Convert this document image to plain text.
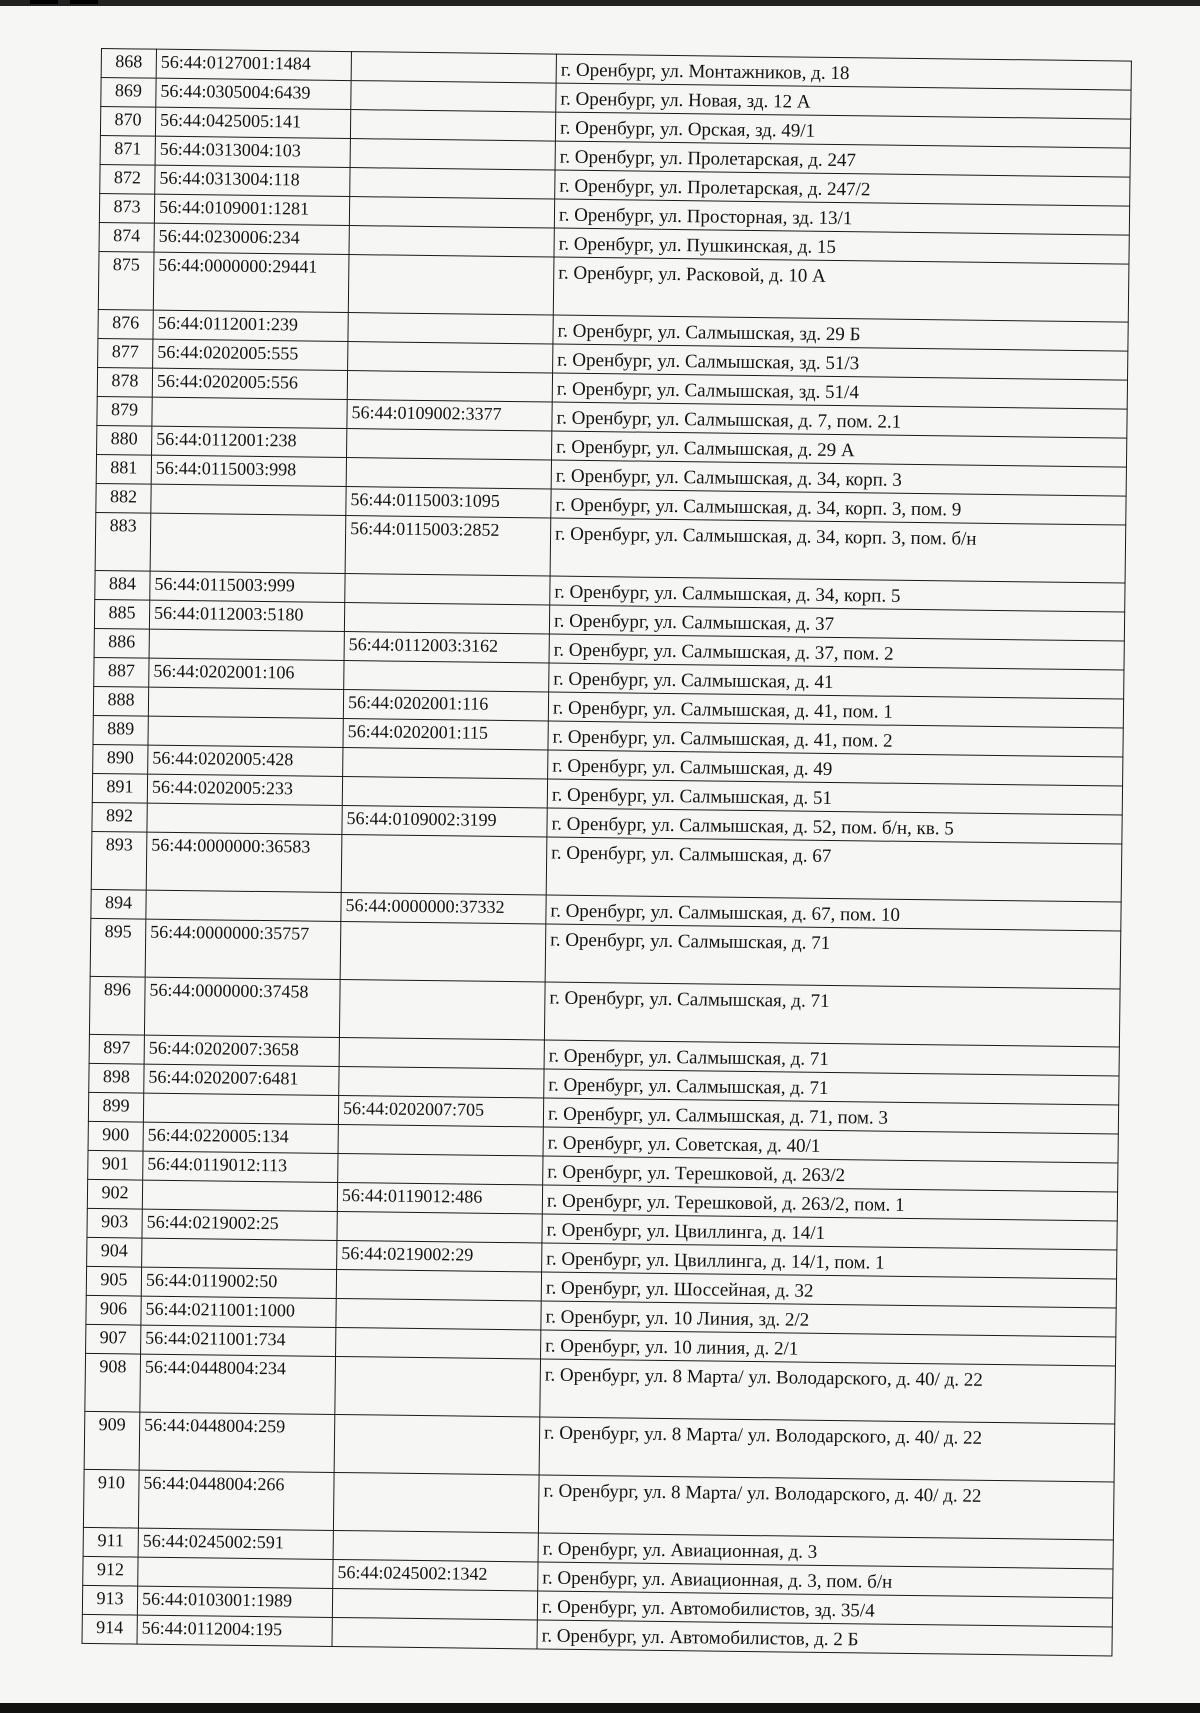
868	56:44:0127001:1484		г. Оренбург, ул. Монтажников, д. 18
869	56:44:0305004:6439		г. Оренбург, ул. Новая, зд. 12 А
870	56:44:0425005:141		г. Оренбург, ул. Орская, зд. 49/1
871	56:44:0313004:103		г. Оренбург, ул. Пролетарская, д. 247
872	56:44:0313004:118		г. Оренбург, ул. Пролетарская, д. 247/2
873	56:44:0109001:1281		г. Оренбург, ул. Просторная, зд. 13/1
874	56:44:0230006:234		г. Оренбург, ул. Пушкинская, д. 15
875	56:44:0000000:29441		г. Оренбург, ул. Расковой, д. 10 А
876	56:44:0112001:239		г. Оренбург, ул. Салмышская, зд. 29 Б
877	56:44:0202005:555		г. Оренбург, ул. Салмышская, зд. 51/3
878	56:44:0202005:556		г. Оренбург, ул. Салмышская, зд. 51/4
879		56:44:0109002:3377	г. Оренбург, ул. Салмышская, д. 7, пом. 2.1
880	56:44:0112001:238		г. Оренбург, ул. Салмышская, д. 29 А
881	56:44:0115003:998		г. Оренбург, ул. Салмышская, д. 34, корп. 3
882		56:44:0115003:1095	г. Оренбург, ул. Салмышская, д. 34, корп. 3, пом. 9
883		56:44:0115003:2852	г. Оренбург, ул. Салмышская, д. 34, корп. 3, пом. б/н
884	56:44:0115003:999		г. Оренбург, ул. Салмышская, д. 34, корп. 5
885	56:44:0112003:5180		г. Оренбург, ул. Салмышская, д. 37
886		56:44:0112003:3162	г. Оренбург, ул. Салмышская, д. 37, пом. 2
887	56:44:0202001:106		г. Оренбург, ул. Салмышская, д. 41
888		56:44:0202001:116	г. Оренбург, ул. Салмышская, д. 41, пом. 1
889		56:44:0202001:115	г. Оренбург, ул. Салмышская, д. 41, пом. 2
890	56:44:0202005:428		г. Оренбург, ул. Салмышская, д. 49
891	56:44:0202005:233		г. Оренбург, ул. Салмышская, д. 51
892		56:44:0109002:3199	г. Оренбург, ул. Салмышская, д. 52, пом. б/н, кв. 5
893	56:44:0000000:36583		г. Оренбург, ул. Салмышская, д. 67
894		56:44:0000000:37332	г. Оренбург, ул. Салмышская, д. 67, пом. 10
895	56:44:0000000:35757		г. Оренбург, ул. Салмышская, д. 71
896	56:44:0000000:37458		г. Оренбург, ул. Салмышская, д. 71
897	56:44:0202007:3658		г. Оренбург, ул. Салмышская, д. 71
898	56:44:0202007:6481		г. Оренбург, ул. Салмышская, д. 71
899		56:44:0202007:705	г. Оренбург, ул. Салмышская, д. 71, пом. 3
900	56:44:0220005:134		г. Оренбург, ул. Советская, д. 40/1
901	56:44:0119012:113		г. Оренбург, ул. Терешковой, д. 263/2
902		56:44:0119012:486	г. Оренбург, ул. Терешковой, д. 263/2, пом. 1
903	56:44:0219002:25		г. Оренбург, ул. Цвиллинга, д. 14/1
904		56:44:0219002:29	г. Оренбург, ул. Цвиллинга, д. 14/1, пом. 1
905	56:44:0119002:50		г. Оренбург, ул. Шоссейная, д. 32
906	56:44:0211001:1000		г. Оренбург, ул. 10 Линия, зд. 2/2
907	56:44:0211001:734		г. Оренбург, ул. 10 линия, д. 2/1
908	56:44:0448004:234		г. Оренбург, ул. 8 Марта/ ул. Володарского, д. 40/ д. 22
909	56:44:0448004:259		г. Оренбург, ул. 8 Марта/ ул. Володарского, д. 40/ д. 22
910	56:44:0448004:266		г. Оренбург, ул. 8 Марта/ ул. Володарского, д. 40/ д. 22
911	56:44:0245002:591		г. Оренбург, ул. Авиационная, д. 3
912		56:44:0245002:1342	г. Оренбург, ул. Авиационная, д. 3, пом. б/н
913	56:44:0103001:1989		г. Оренбург, ул. Автомобилистов, зд. 35/4
914	56:44:0112004:195		г. Оренбург, ул. Автомобилистов, д. 2 Б
